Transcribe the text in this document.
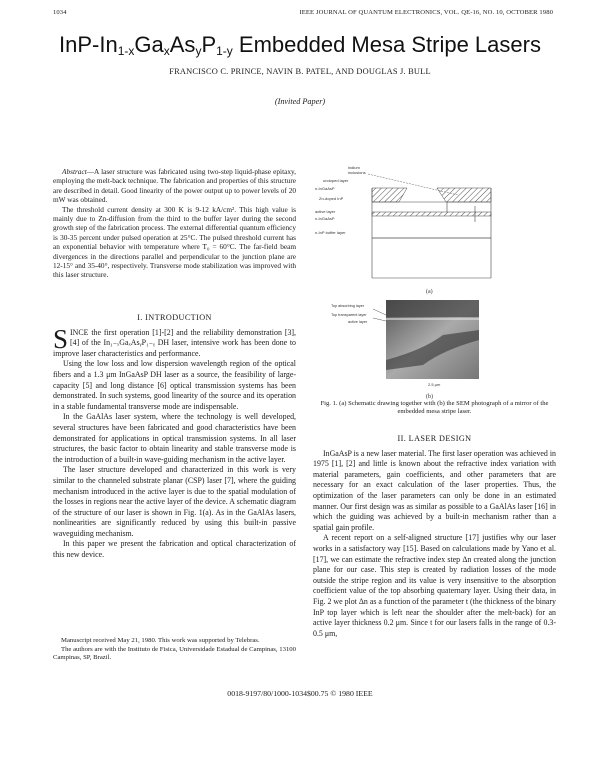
1034	IEEE JOURNAL OF QUANTUM ELECTRONICS, VOL. QE-16, NO. 10, OCTOBER 1980
InP-$In_{1-x}Ga_xAs_yP_{1-y}$ Embedded Mesa Stripe Lasers
FRANCISCO C. PRINCE, NAVIN B. PATEL, AND DOUGLAS J. BULL
(Invited Paper)

Abstract—A laser structure was fabricated using two-step liquid-phase epitaxy, employing the melt-back technique. The fabrication and properties of this structure are described in detail. Good linearity of the power output up to power levels of 20 mW was obtained.

The threshold current density at 300 K is 9-12 kA/cm². This high value is mainly due to Zn-diffusion from the third to the buffer layer during the second growth step of the fabrication process. The external differential quantum efficiency is 30-35 percent under pulsed operation at 25°C. The pulsed threshold current has an exponential behavior with temperature where T₀ = 60°C. The far-field beam divergences in the directions parallel and perpendicular to the junction plane are 12-15° and 35-40°, respectively. Transverse mode stabilization was improved with this laser structure.

I. INTRODUCTION

SINCE the first operation [1]-[2] and the reliability demonstration [3], [4] of the In₁₋ₓGaₓAsᵧP₁₋ᵧ DH laser, intensive work has been done to improve laser characteristics and performance.

Using the low loss and low dispersion wavelength region of the optical fibers and a 1.3 μm InGaAsP DH laser as a source, the feasibility of large-capacity [5] and long distance [6] optical transmission systems has been demonstrated. In such systems, good linearity of the source and its operation in a stable fundamental transverse mode are indispensable.

In the GaAlAs laser system, where the technology is well developed, several structures have been fabricated and good characteristics have been demonstrated for applications in optical transmission systems. In all laser structures, the basic factor to obtain linearity and stable transverse mode is the introduction of a built-in wave-guiding mechanism in the active layer.

The laser structure developed and characterized in this work is very similar to the channeled substrate planar (CSP) laser [7], where the guiding mechanism introduced in the active layer is due to the spatial modulation of the losses in regions near the active layer of the device. A schematic diagram of the structure of our laser is shown in Fig. 1(a). As in the GaAlAs lasers, nonlinearities are significantly reduced by using this built-in passive waveguiding mechanism.

In this paper we present the fabrication and optical characterization of this new device.

Manuscript received May 21, 1980. This work was supported by Telebras.

The authors are with the Instituto de Fisica, Universidade Estadual de Campinas, 13100 Campinas, SP, Brazil.

indium
inclusions
undoped layer
n-InGaAsP
Zn-doped InP
active layer
n-InGaAsP
n-InP buffer layer
(a)
Top absorbing layer
Top transparent layer
active layer
2.5 μm
(b)
Fig. 1. (a) Schematic drawing together with (b) the SEM photograph of a mirror of the embedded mesa stripe laser.
II. LASER DESIGN

InGaAsP is a new laser material. The first laser operation was achieved in 1975 [1], [2] and little is known about the refractive index variation with material parameters, gain coefficients, and other parameters that are necessary for an exact calculation of the laser properties. Thus, the optimization of the laser parameters can only be done in an estimated manner. Our first design was as similar as possible to a GaAlAs laser [16] in which the guiding was achieved by a built-in mechanism rather than a spatial gain profile.

A recent report on a self-aligned structure [17] justifies why our laser works in a satisfactory way [15]. Based on calculations made by Yano et al. [17], we can estimate the refractive index step Δn created along the junction plane for our case. This step is created by radiation losses of the mode outside the stripe region and its value is very insensitive to the absorption coefficient value of the top absorbing quaternary layer. Using their data, in Fig. 2 we plot Δn as a function of the parameter t (the thickness of the binary InP top layer which is left near the shoulder after the melt-back) for an active layer thickness 0.2 μm. Since t for our lasers falls in the range of 0.3-0.5 μm,

0018-9197/80/1000-1034$00.75 © 1980 IEEE
